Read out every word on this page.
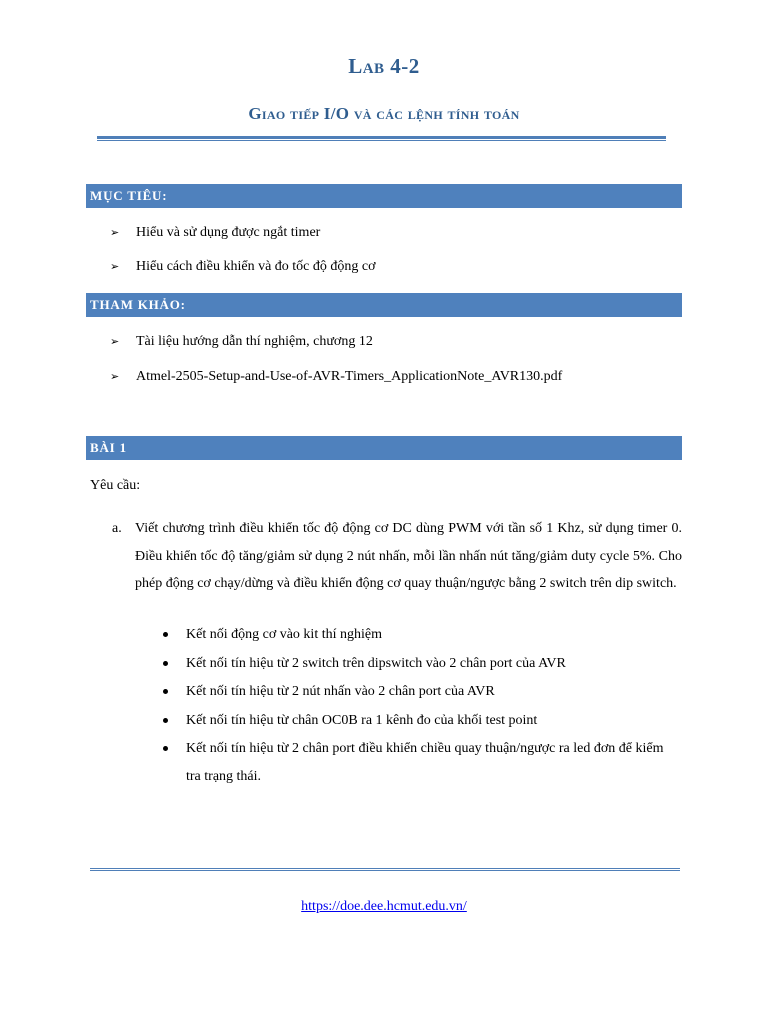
Lab 4-2
Giao tiếp I/O và các lệnh tính toán
MỤC TIÊU:
➢ Hiểu và sử dụng được ngắt timer
➢ Hiểu cách điều khiển và đo tốc độ động cơ
THAM KHẢO:
➢ Tài liệu hướng dẫn thí nghiệm, chương 12
➢ Atmel-2505-Setup-and-Use-of-AVR-Timers_ApplicationNote_AVR130.pdf
BÀI 1
Yêu cầu:
a. Viết chương trình điều khiển tốc độ động cơ DC dùng PWM với tần số 1 Khz, sử dụng timer 0. Điều khiển tốc độ tăng/giảm sử dụng 2 nút nhấn, mỗi lần nhấn nút tăng/giảm duty cycle 5%. Cho phép động cơ chạy/dừng và điều khiển động cơ quay thuận/ngược bằng 2 switch trên dip switch.
Kết nối động cơ vào kit thí nghiệm
Kết nối tín hiệu từ 2 switch trên dipswitch vào 2 chân port của AVR
Kết nối tín hiệu từ 2 nút nhấn vào 2 chân port của AVR
Kết nối tín hiệu từ chân OC0B ra 1 kênh đo của khối test point
Kết nối tín hiệu từ 2 chân port điều khiển chiều quay thuận/ngược ra led đơn để kiểm tra trạng thái.
https://doe.dee.hcmut.edu.vn/
